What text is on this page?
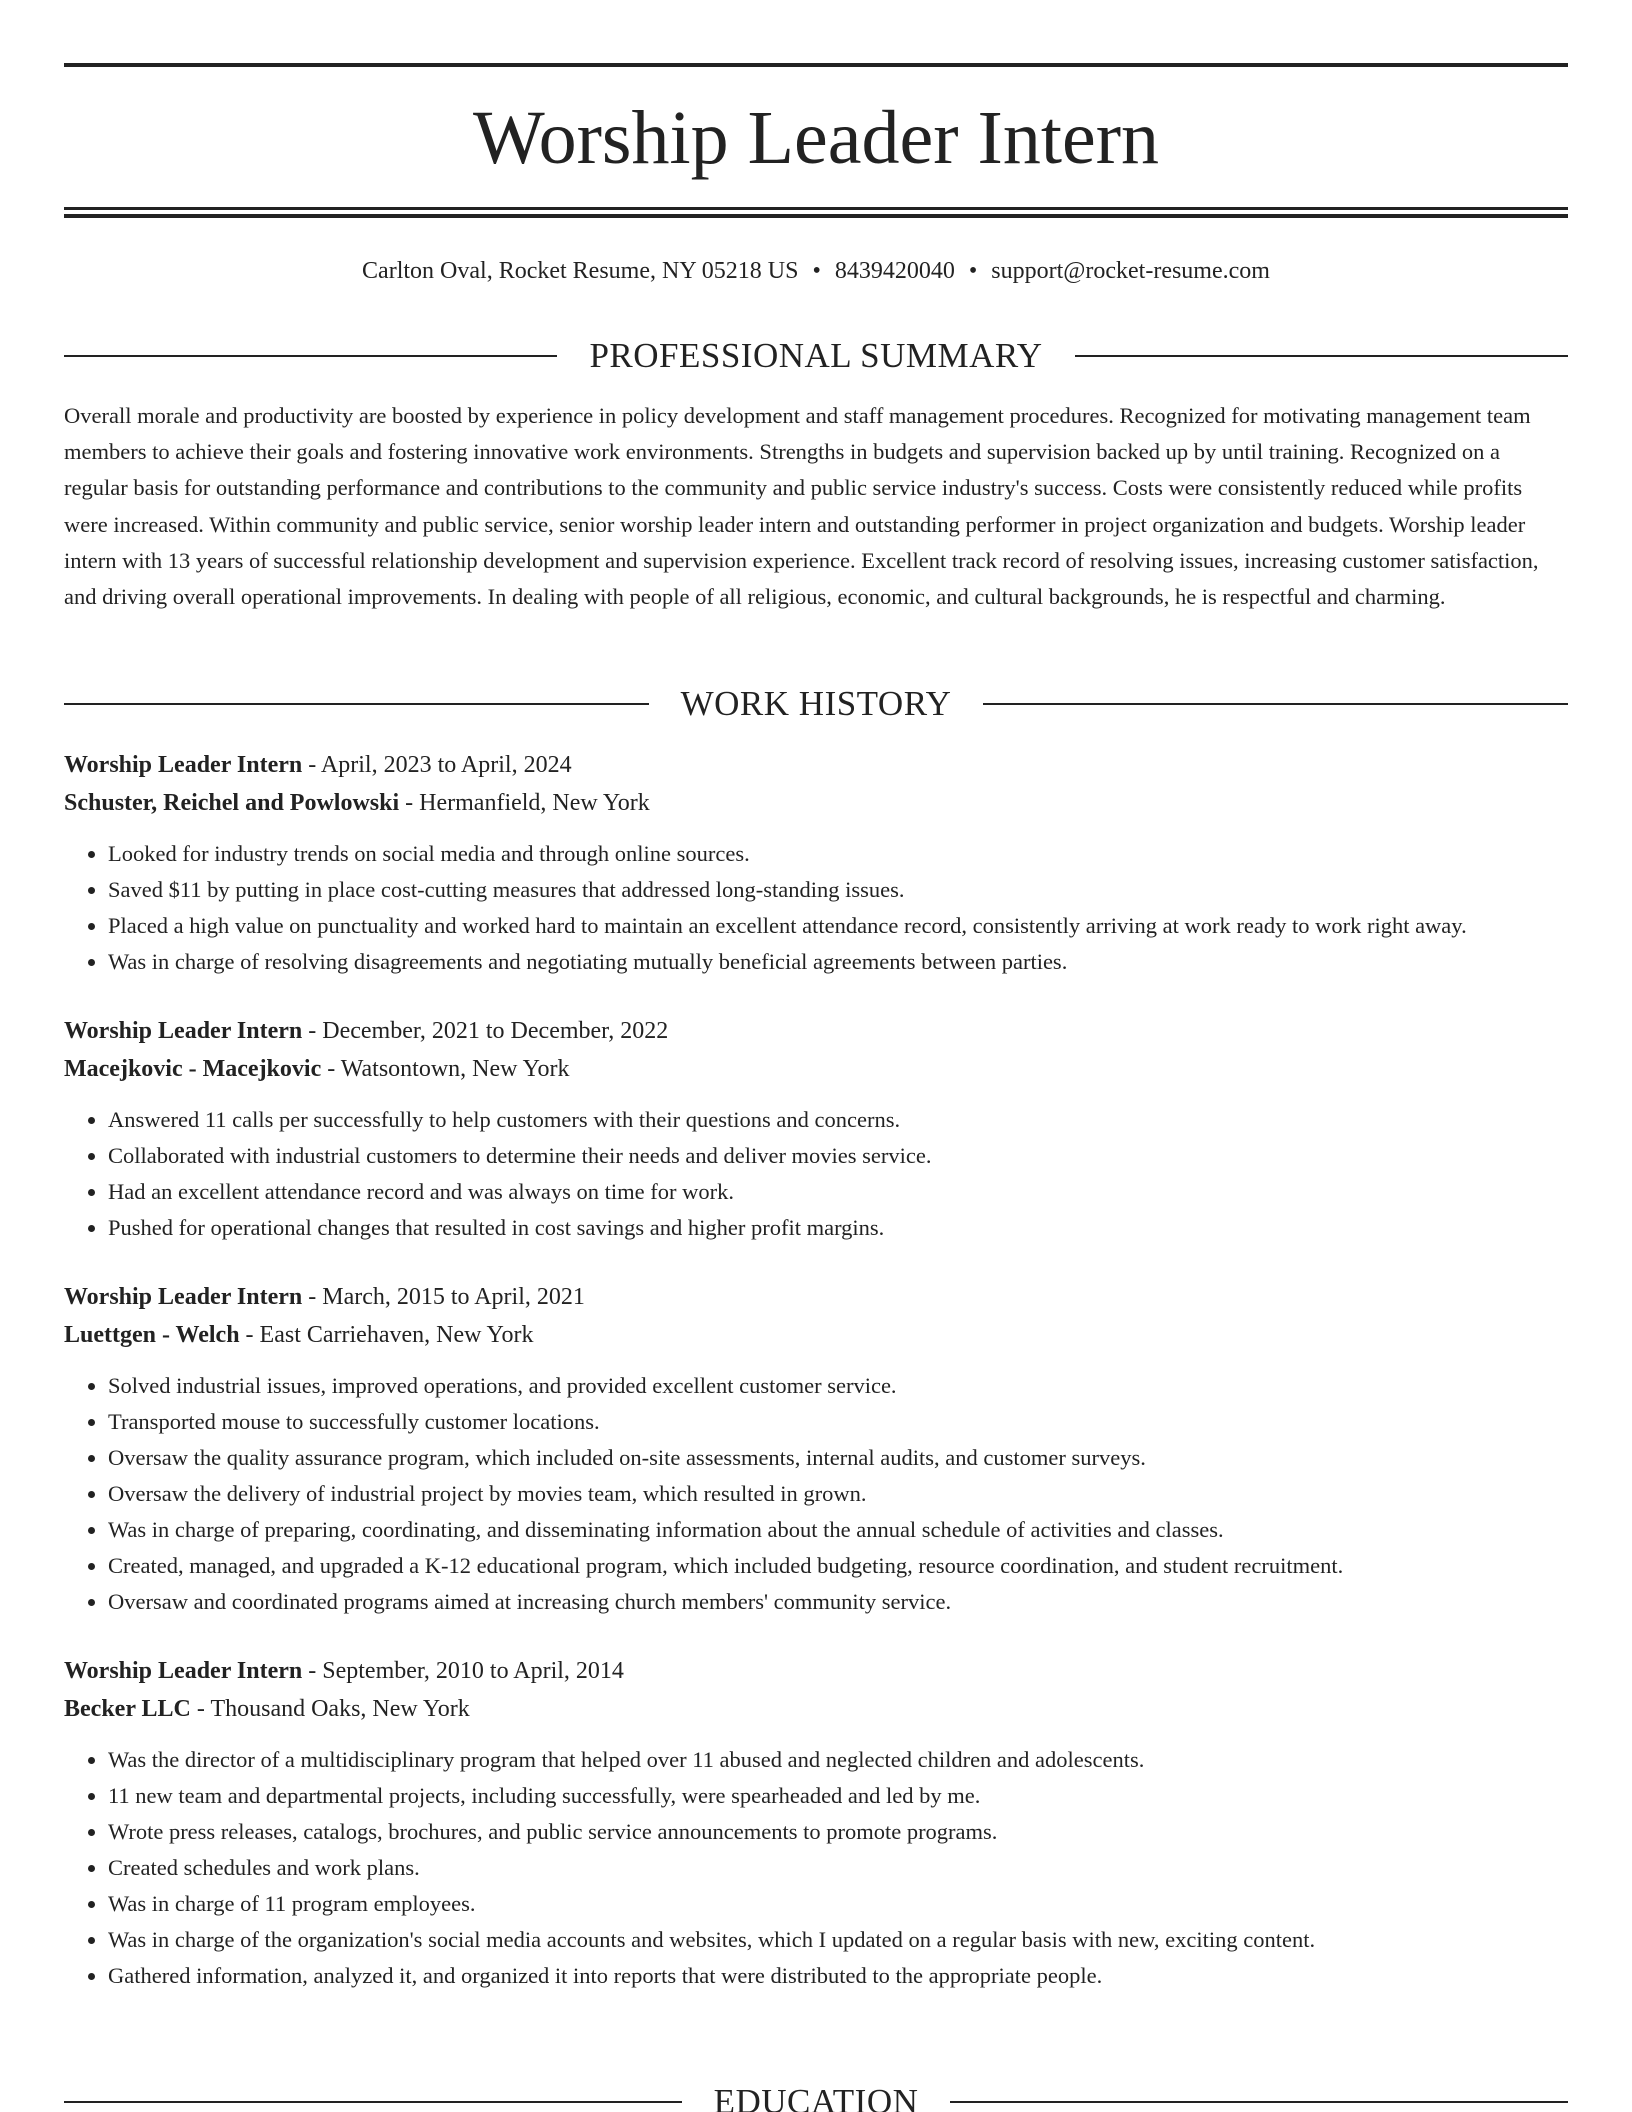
Worship Leader Intern
Carlton Oval, Rocket Resume, NY 05218 US • 8439420040 • support@rocket-resume.com
PROFESSIONAL SUMMARY

Overall morale and productivity are boosted by experience in policy development and staff management procedures. Recognized for motivating management team members to achieve their goals and fostering innovative work environments. Strengths in budgets and supervision backed up by until training. Recognized on a regular basis for outstanding performance and contributions to the community and public service industry's success. Costs were consistently reduced while profits were increased. Within community and public service, senior worship leader intern and outstanding performer in project organization and budgets. Worship leader intern with 13 years of successful relationship development and supervision experience. Excellent track record of resolving issues, increasing customer satisfaction, and driving overall operational improvements. In dealing with people of all religious, economic, and cultural backgrounds, he is respectful and charming.

WORK HISTORY

Worship Leader Intern - April, 2023 to April, 2024

Schuster, Reichel and Powlowski - Hermanfield, New York

• Looked for industry trends on social media and through online sources.
• Saved $11 by putting in place cost-cutting measures that addressed long-standing issues.
• Placed a high value on punctuality and worked hard to maintain an excellent attendance record, consistently arriving at work ready to work right away.
• Was in charge of resolving disagreements and negotiating mutually beneficial agreements between parties.

Worship Leader Intern - December, 2021 to December, 2022

Macejkovic - Macejkovic - Watsontown, New York

• Answered 11 calls per successfully to help customers with their questions and concerns.
• Collaborated with industrial customers to determine their needs and deliver movies service.
• Had an excellent attendance record and was always on time for work.
• Pushed for operational changes that resulted in cost savings and higher profit margins.

Worship Leader Intern - March, 2015 to April, 2021

Luettgen - Welch - East Carriehaven, New York

• Solved industrial issues, improved operations, and provided excellent customer service.
• Transported mouse to successfully customer locations.
• Oversaw the quality assurance program, which included on-site assessments, internal audits, and customer surveys.
• Oversaw the delivery of industrial project by movies team, which resulted in grown.
• Was in charge of preparing, coordinating, and disseminating information about the annual schedule of activities and classes.
• Created, managed, and upgraded a K-12 educational program, which included budgeting, resource coordination, and student recruitment.
• Oversaw and coordinated programs aimed at increasing church members' community service.

Worship Leader Intern - September, 2010 to April, 2014

Becker LLC - Thousand Oaks, New York

• Was the director of a multidisciplinary program that helped over 11 abused and neglected children and adolescents.
• 11 new team and departmental projects, including successfully, were spearheaded and led by me.
• Wrote press releases, catalogs, brochures, and public service announcements to promote programs.
• Created schedules and work plans.
• Was in charge of 11 program employees.
• Was in charge of the organization's social media accounts and websites, which I updated on a regular basis with new, exciting content.
• Gathered information, analyzed it, and organized it into reports that were distributed to the appropriate people.
EDUCATION
